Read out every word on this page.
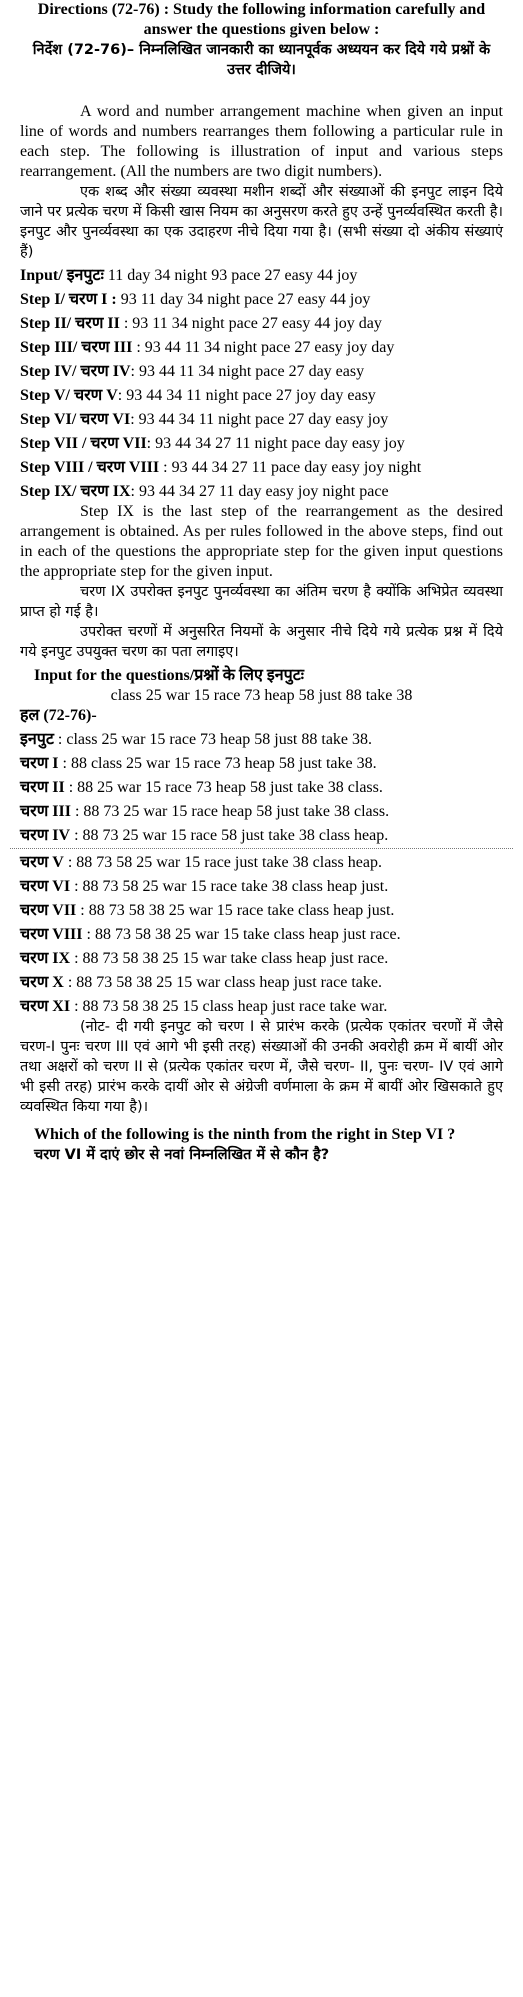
Directions (72-76) : Study the following information carefully and answer the questions given below :

निर्देश (72-76)– निम्नलिखित जानकारी का ध्यानपूर्वक अध्ययन कर दिये गये प्रश्नों के उत्तर दीजिये।

A word and number arrangement machine when given an input line of words and numbers rearranges them following a particular rule in each step. The following is illustration of input and various steps rearrangement. (All the numbers are two digit numbers).

एक शब्द और संख्या व्यवस्था मशीन शब्दों और संख्याओं की इनपुट लाइन दिये जाने पर प्रत्येक चरण में किसी खास नियम का अनुसरण करते हुए उन्हें पुनर्व्यवस्थित करती है। इनपुट और पुनर्व्यवस्था का एक उदाहरण नीचे दिया गया है। (सभी संख्या दो अंकीय संख्याएं हैं)

Input/ इनपुटः 11 day 34 night 93 pace 27 easy 44 joy

Step I/ चरण I : 93 11 day 34 night pace 27 easy 44 joy

Step II/ चरण II : 93 11 34 night pace 27 easy 44 joy day

Step III/ चरण III : 93 44 11 34 night pace 27 easy joy day

Step IV/ चरण IV: 93 44 11 34 night pace 27 day easy

Step V/ चरण V: 93 44 34 11 night pace 27 joy day easy

Step VI/ चरण VI: 93 44 34 11 night pace 27 day easy joy

Step VII / चरण VII: 93 44 34 27 11 night pace day easy joy

Step VIII / चरण VIII : 93 44 34 27 11 pace day easy joy night

Step IX/ चरण IX: 93 44 34 27 11 day easy joy night pace

Step IX is the last step of the rearrangement as the desired arrangement is obtained. As per rules followed in the above steps, find out in each of the questions the appropriate step for the given input questions the appropriate step for the given input.

चरण IX उपरोक्त इनपुट पुनर्व्यवस्था का अंतिम चरण है क्योंकि अभिप्रेत व्यवस्था प्राप्त हो गई है।

उपरोक्त चरणों में अनुसरित नियमों के अनुसार नीचे दिये गये प्रत्येक प्रश्न में दिये गये इनपुट उपयुक्त चरण का पता लगाइए।

Input for the questions/प्रश्नों के लिए इनपुटः

class 25 war 15 race 73 heap 58 just 88 take 38

हल (72-76)-

इनपुट : class 25 war 15 race 73 heap 58 just 88 take 38.

चरण I : 88 class 25 war 15 race 73 heap 58 just take 38.

चरण II : 88 25 war 15 race 73 heap 58 just take 38 class.

चरण III : 88 73 25 war 15 race heap 58 just take 38 class.

चरण IV : 88 73 25 war 15 race 58 just take 38 class heap.

चरण V : 88 73 58 25 war 15 race just take 38 class heap.

चरण VI : 88 73 58 25 war 15 race take 38 class heap just.

चरण VII : 88 73 58 38 25 war 15 race take class heap just.

चरण VIII : 88 73 58 38 25 war 15 take class heap just race.

चरण IX : 88 73 58 38 25 15 war take class heap just race.

चरण X : 88 73 58 38 25 15 war class heap just race take.

चरण XI : 88 73 58 38 25 15 class heap just race take war.

(नोट- दी गयी इनपुट को चरण I से प्रारंभ करके (प्रत्येक एकांतर चरणों में जैसे चरण-I पुनः चरण III एवं आगे भी इसी तरह) संख्याओं की उनकी अवरोही क्रम में बायीं ओर तथा अक्षरों को चरण II से (प्रत्येक एकांतर चरण में, जैसे चरण- II, पुनः चरण- IV एवं आगे भी इसी तरह) प्रारंभ करके दायीं ओर से अंग्रेजी वर्णमाला के क्रम में बायीं ओर खिसकाते हुए व्यवस्थित किया गया है)।

Which of the following is the ninth from the right in Step VI ?

चरण VI में दाएं छोर से नवां निम्नलिखित में से कौन है?
